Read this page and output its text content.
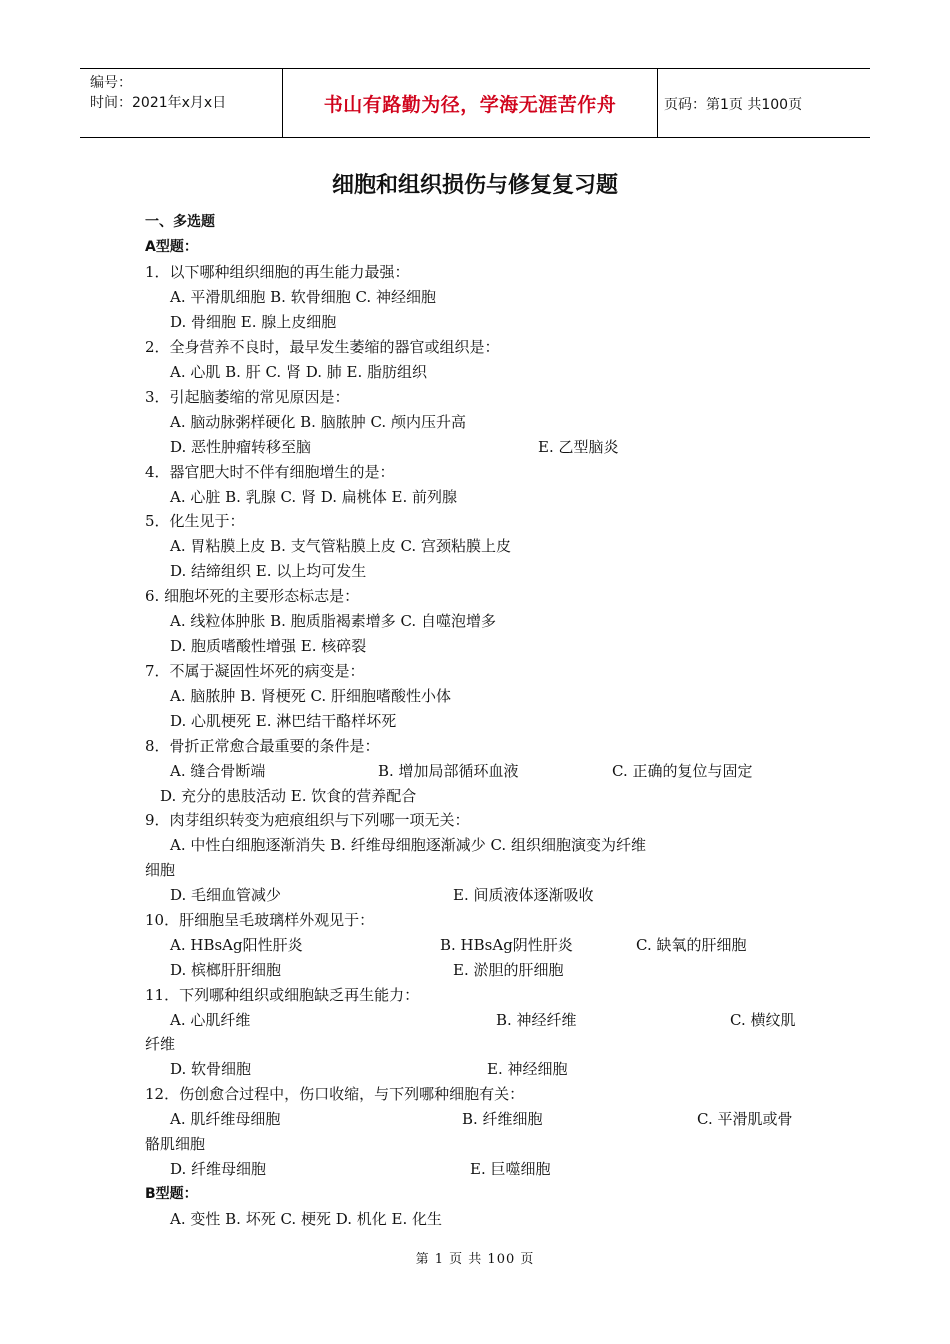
编号：
时间：2021年x月x日	书山有路勤为径，学海无涯苦作舟	页码：第1页 共100页
细胞和组织损伤与修复复习题
一、多选题
A型题：
1．以下哪种组织细胞的再生能力最强：
A. 平滑肌细胞 B. 软骨细胞 C. 神经细胞
D. 骨细胞 E. 腺上皮细胞
2．全身营养不良时，最早发生萎缩的器官或组织是：
A. 心肌 B. 肝 C. 肾 D. 肺 E. 脂肪组织
3．引起脑萎缩的常见原因是：
A. 脑动脉粥样硬化 B. 脑脓肿 C. 颅内压升高
D. 恶性肿瘤转移至脑	E. 乙型脑炎
4．器官肥大时不伴有细胞增生的是：
A. 心脏 B. 乳腺 C. 肾 D. 扁桃体 E. 前列腺
5．化生见于：
A. 胃粘膜上皮 B. 支气管粘膜上皮 C. 宫颈粘膜上皮
D. 结缔组织 E. 以上均可发生
6. 细胞坏死的主要形态标志是：
A. 线粒体肿胀 B. 胞质脂褐素增多 C. 自噬泡增多
D. 胞质嗜酸性增强 E. 核碎裂
7．不属于凝固性坏死的病变是：
A. 脑脓肿 B. 肾梗死 C. 肝细胞嗜酸性小体
D. 心肌梗死 E. 淋巴结干酪样坏死
8．骨折正常愈合最重要的条件是：
A. 缝合骨断端	B. 增加局部循环血液	C. 正确的复位与固定
D. 充分的患肢活动 E. 饮食的营养配合
9．肉芽组织转变为疤痕组织与下列哪一项无关：
A. 中性白细胞逐渐消失 B. 纤维母细胞逐渐减少 C. 组织细胞演变为纤维
细胞
D. 毛细血管减少	E. 间质液体逐渐吸收
10．肝细胞呈毛玻璃样外观见于：
A. HBsAg阳性肝炎	B. HBsAg阴性肝炎	C. 缺氧的肝细胞
D. 槟榔肝肝细胞	E. 淤胆的肝细胞
11．下列哪种组织或细胞缺乏再生能力：
A. 心肌纤维	B. 神经纤维	C. 横纹肌
纤维
D. 软骨细胞	E. 神经细胞
12．伤创愈合过程中，伤口收缩，与下列哪种细胞有关：
A. 肌纤维母细胞	B. 纤维细胞	C. 平滑肌或骨
骼肌细胞
D. 纤维母细胞	E. 巨噬细胞
B型题：
A. 变性 B. 坏死 C. 梗死 D. 机化 E. 化生
第 1 页 共 100 页
